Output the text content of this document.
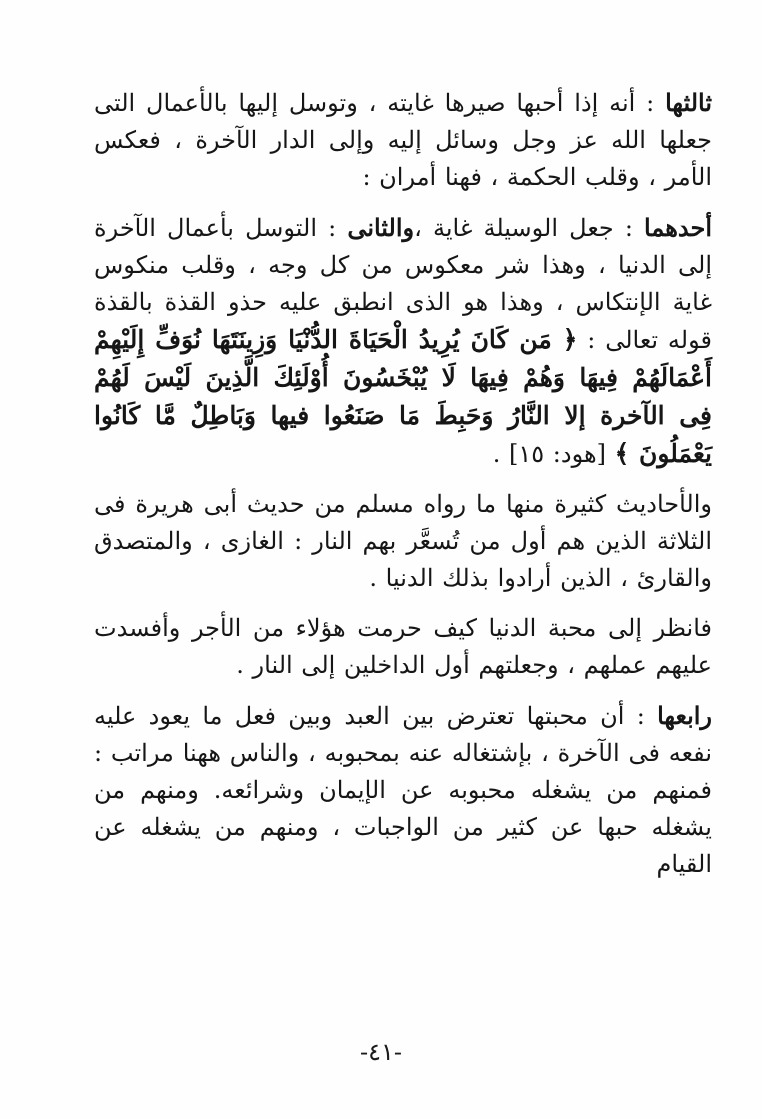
ثالثها : أنه إذا أحبها صيرها غايته ، وتوسل إليها بالأعمال التى جعلها الله عز وجل وسائل إليه وإلى الدار الآخرة ، فعكس الأمر ، وقلب الحكمة ، فهنا أمران :

أحدهما : جعل الوسيلة غاية ،والثانى : التوسل بأعمال الآخرة إلى الدنيا ، وهذا شر معكوس من كل وجه ، وقلب منكوس غاية الإنتكاس ، وهذا هو الذى انطبق عليه حذو القذة بالقذة قوله تعالى : ﴿ مَن كَانَ يُرِيدُ الْحَيَاةَ الدُّنْيَا وَزِينَتَهَا نُوَفِّ إِلَيْهِمْ أَعْمَالَهُمْ فِيهَا وَهُمْ فِيهَا لَا يُبْخَسُونَ أُوْلَئِكَ الَّذِينَ لَيْسَ لَهُمْ فِى الآخرة إلا النَّارُ وَحَبِطَ مَا صَنَعُوا فيها وَبَاطِلٌ مَّا كَانُوا يَعْمَلُونَ ﴾ [هود: ١٥] .

والأحاديث كثيرة منها ما رواه مسلم من حديث أبى هريرة فى الثلاثة الذين هم أول من تُسعَّر بهم النار : الغازى ، والمتصدق والقارئ ، الذين أرادوا بذلك الدنيا .

فانظر إلى محبة الدنيا كيف حرمت هؤلاء من الأجر وأفسدت عليهم عملهم ، وجعلتهم أول الداخلين إلى النار .

رابعها : أن محبتها تعترض بين العبد وبين فعل ما يعود عليه نفعه فى الآخرة ، بإشتغاله عنه بمحبوبه ، والناس ههنا مراتب : فمنهم من يشغله محبوبه عن الإيمان وشرائعه. ومنهم من يشغله حبها عن كثير من الواجبات ، ومنهم من يشغله عن القيام

-٤١-
